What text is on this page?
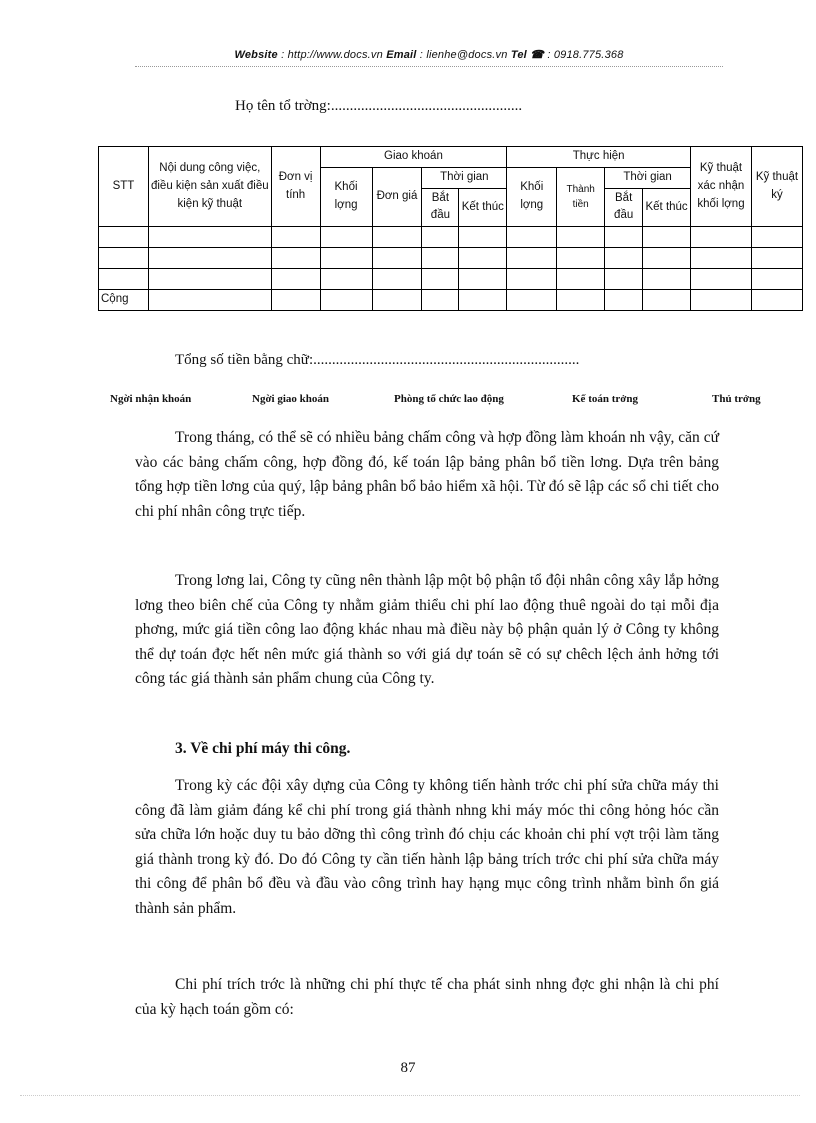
Website : http://www.docs.vn Email : lienhe@docs.vn Tel ☎ : 0918.775.368
Họ tên tổ trờng:...................................................
STT	Nội dung công việc, điều kiện sản xuất điều kiện kỹ thuật	Đơn vị tính	Giao khoán				Thực hiện				Kỹ thuật xác nhận khối lợng	Kỹ thuật ký
			Khối lợng	Đơn giá	Thời gian		Khối lợng	Thành tiền	Thời gian			
					Bắt đầu	Kết thúc			Bắt đầu	Kết thúc		

Cộng												
Tổng số tiền bằng chữ:.......................................................................
Ngời nhận khoán	Ngời giao khoán	Phòng tổ chức lao động	Kế toán trởng	Thủ trởng
Trong tháng, có thể sẽ có nhiều bảng chấm công và hợp đồng làm khoán nh vậy, căn cứ vào các bảng chấm công, hợp đồng đó, kế toán lập bảng phân bổ tiền lơng. Dựa trên bảng tổng hợp tiền lơng của quý, lập bảng phân bổ bảo hiểm xã hội. Từ đó sẽ lập các sổ chi tiết cho chi phí nhân công trực tiếp.
Trong lơng lai, Công ty cũng nên thành lập một bộ phận tổ đội nhân công xây lắp hởng lơng theo biên chế của Công ty nhằm giảm thiểu chi phí lao động thuê ngoài do tại mỗi địa phơng, mức giá tiền công lao động khác nhau mà điều này bộ phận quản lý ở Công ty không thể dự toán đợc hết nên mức giá thành so với giá dự toán sẽ có sự chêch lệch ảnh hởng tới công tác giá thành sản phẩm chung của Công ty.
3. Về chi phí máy thi công.
Trong kỳ các đội xây dựng của Công ty không tiến hành trớc chi phí sửa chữa máy thi công đã làm giảm đáng kể chi phí trong giá thành nhng khi máy móc thi công hỏng hóc cần sửa chữa lớn hoặc duy tu bảo dỡng thì công trình đó chịu các khoản chi phí vợt trội làm tăng giá thành trong kỳ đó. Do đó Công ty cần tiến hành lập bảng trích trớc chi phí sửa chữa máy thi công để phân bổ đều và đầu vào công trình hay hạng mục công trình nhằm bình ổn giá thành sản phẩm.
Chi phí trích trớc là những chi phí thực tế cha phát sinh nhng đợc ghi nhận là chi phí của kỳ hạch toán gồm có:
87
